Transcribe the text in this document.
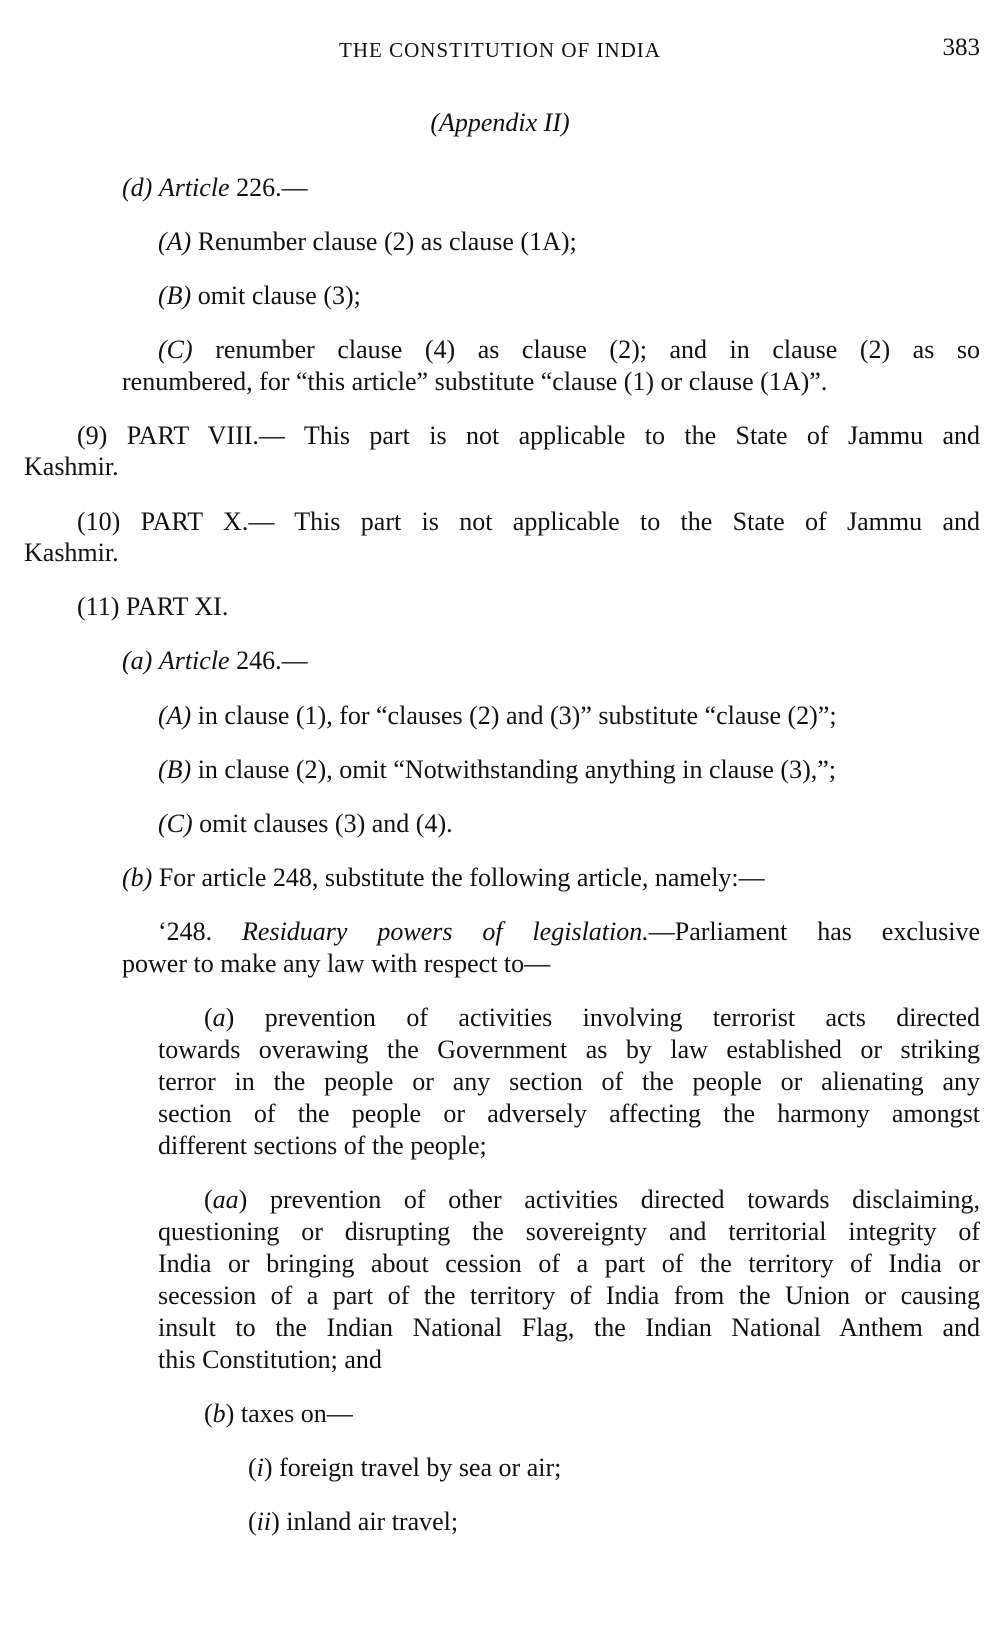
THE CONSTITUTION OF INDIA	383
(Appendix II)

(d) Article 226.—

(A) Renumber clause (2) as clause (1A);

(B) omit clause (3);

(C) renumber clause (4) as clause (2); and in clause (2) as so
renumbered, for “this article” substitute “clause (1) or clause (1A)”.
(9) PART VIII.— This part is not applicable to the State of Jammu and
Kashmir.
(10) PART X.— This part is not applicable to the State of Jammu and
Kashmir.
(11) PART XI.

(a) Article 246.—

(A) in clause (1), for “clauses (2) and (3)” substitute “clause (2)”;

(B) in clause (2), omit “Notwithstanding anything in clause (3),”;

(C) omit clauses (3) and (4).

(b) For article 248, substitute the following article, namely:—

‘248. Residuary powers of legislation.—Parliament has exclusive
power to make any law with respect to—
(a) prevention of activities involving terrorist acts directed
towards overawing the Government as by law established or striking
terror in the people or any section of the people or alienating any
section of the people or adversely affecting the harmony amongst
different sections of the people;
(aa) prevention of other activities directed towards disclaiming,
questioning or disrupting the sovereignty and territorial integrity of
India or bringing about cession of a part of the territory of India or
secession of a part of the territory of India from the Union or causing
insult to the Indian National Flag, the Indian National Anthem and
this Constitution; and
(b) taxes on—
(i) foreign travel by sea or air;
(ii) inland air travel;
